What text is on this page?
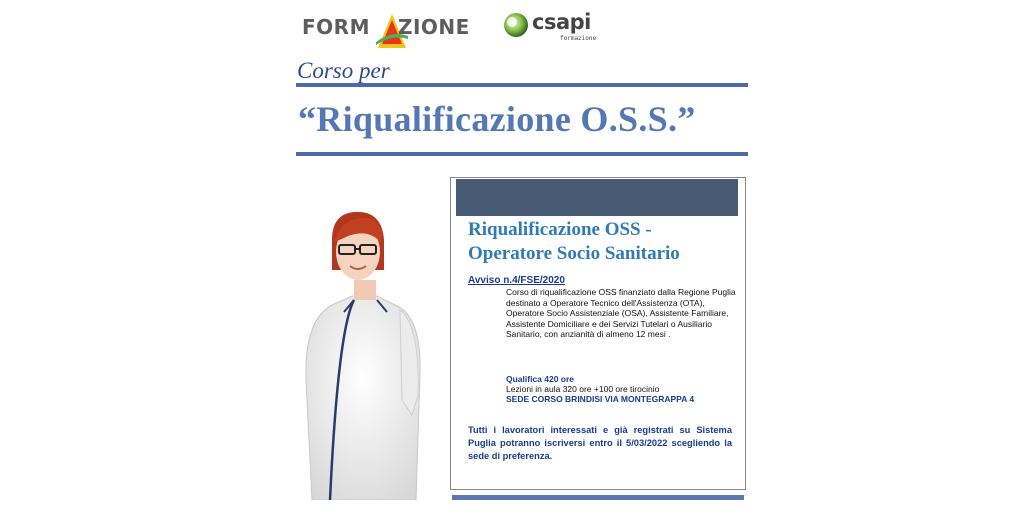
FORM ZIONE	csapi
formazione
Corso per
“Riqualificazione O.S.S.”
Riqualificazione OSS -
Operatore Socio Sanitario
Avviso n.4/FSE/2020
Corso di riqualificazione OSS finanziato dalla Regione Puglia destinato a Operatore Tecnico dell'Assistenza (OTA), Operatore Socio Assistenziale (OSA), Assistente Familiare, Assistente Domiciliare e dei Servizi Tutelari o Ausiliario Sanitario, con anzianità di almeno 12 mesi .
Qualifica 420 ore
Lezioni in aula 320 ore +100 ore tirocinio
SEDE CORSO BRINDISI VIA MONTEGRAPPA 4
Tutti i lavoratori interessati e già registrati su Sistema Puglia potranno iscriversi entro il 5/03/2022 scegliendo la sede di preferenza.
